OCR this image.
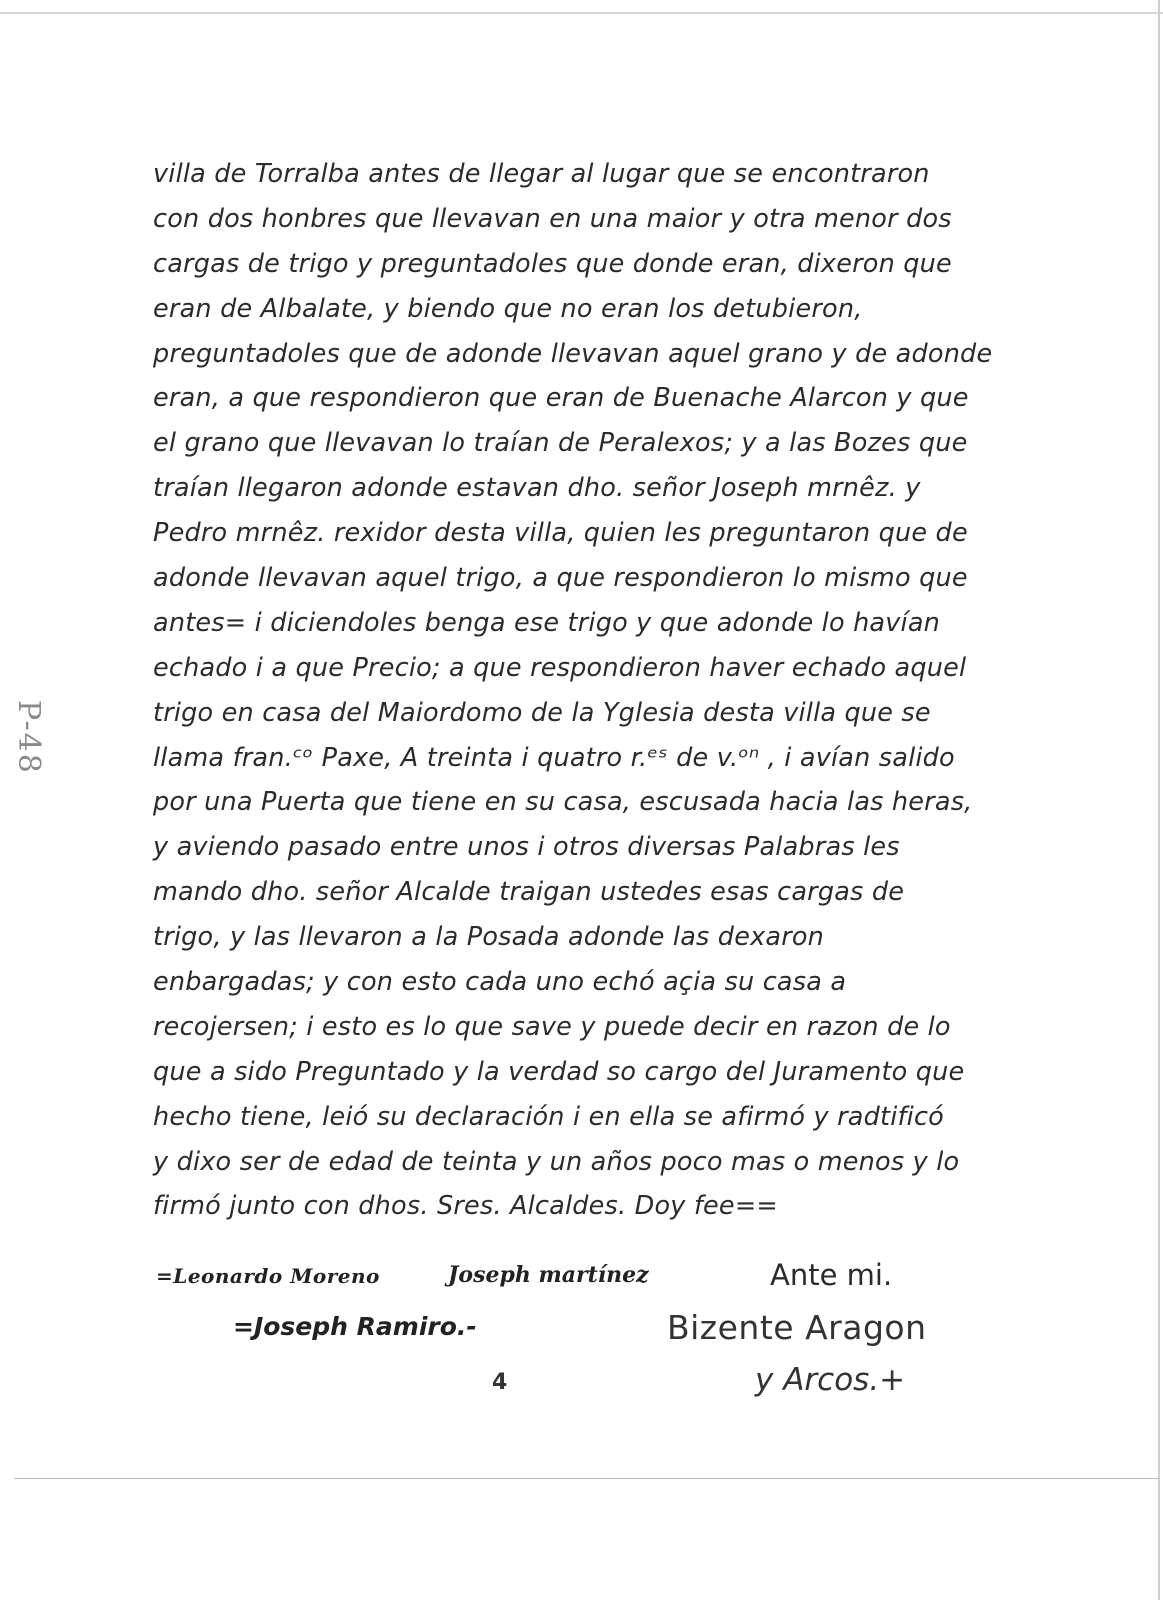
villa de Torralba antes de llegar al lugar que se encontraron
con dos honbres que llevavan en una maior y otra menor dos
cargas de trigo y preguntadoles que donde eran, dixeron que
eran de Albalate, y biendo que no eran los detubieron,
preguntadoles que de adonde llevavan aquel grano y de adonde
eran, a que respondieron que eran de Buenache Alarcon y que
el grano que llevavan lo traían de Peralexos; y a las Bozes que
traían llegaron adonde estavan dho. señor Joseph mrnêz. y
Pedro mrnêz. rexidor desta villa, quien les preguntaron que de
adonde llevavan aquel trigo, a que respondieron lo mismo que
antes= i diciendoles benga ese trigo y que adonde lo havían
echado i a que Precio; a que respondieron haver echado aquel
trigo en casa del Maiordomo de la Yglesia desta villa que se
llama fran.ᶜᵒ Paxe, A treinta i quatro r.ᵉˢ de v.ᵒⁿ , i avían salido
por una Puerta que tiene en su casa, escusada hacia las heras,
y aviendo pasado entre unos i otros diversas Palabras les
mando dho. señor Alcalde traigan ustedes esas cargas de
trigo, y las llevaron a la Posada adonde las dexaron
enbargadas; y con esto cada uno echó açia su casa a
recojersen; i esto es lo que save y puede decir en razon de lo
que a sido Preguntado y la verdad so cargo del Juramento que
hecho tiene, leió su declaración i en ella se afirmó y radtificó
y dixo ser de edad de teinta y un años poco mas o menos y lo
firmó junto con dhos. Sres. Alcaldes. Doy fee==
P-48
=Leonardo Moreno	Joseph martínez
=Joseph Ramiro.-
Ante mi.
Bizente Aragon
y Arcos.+
4
